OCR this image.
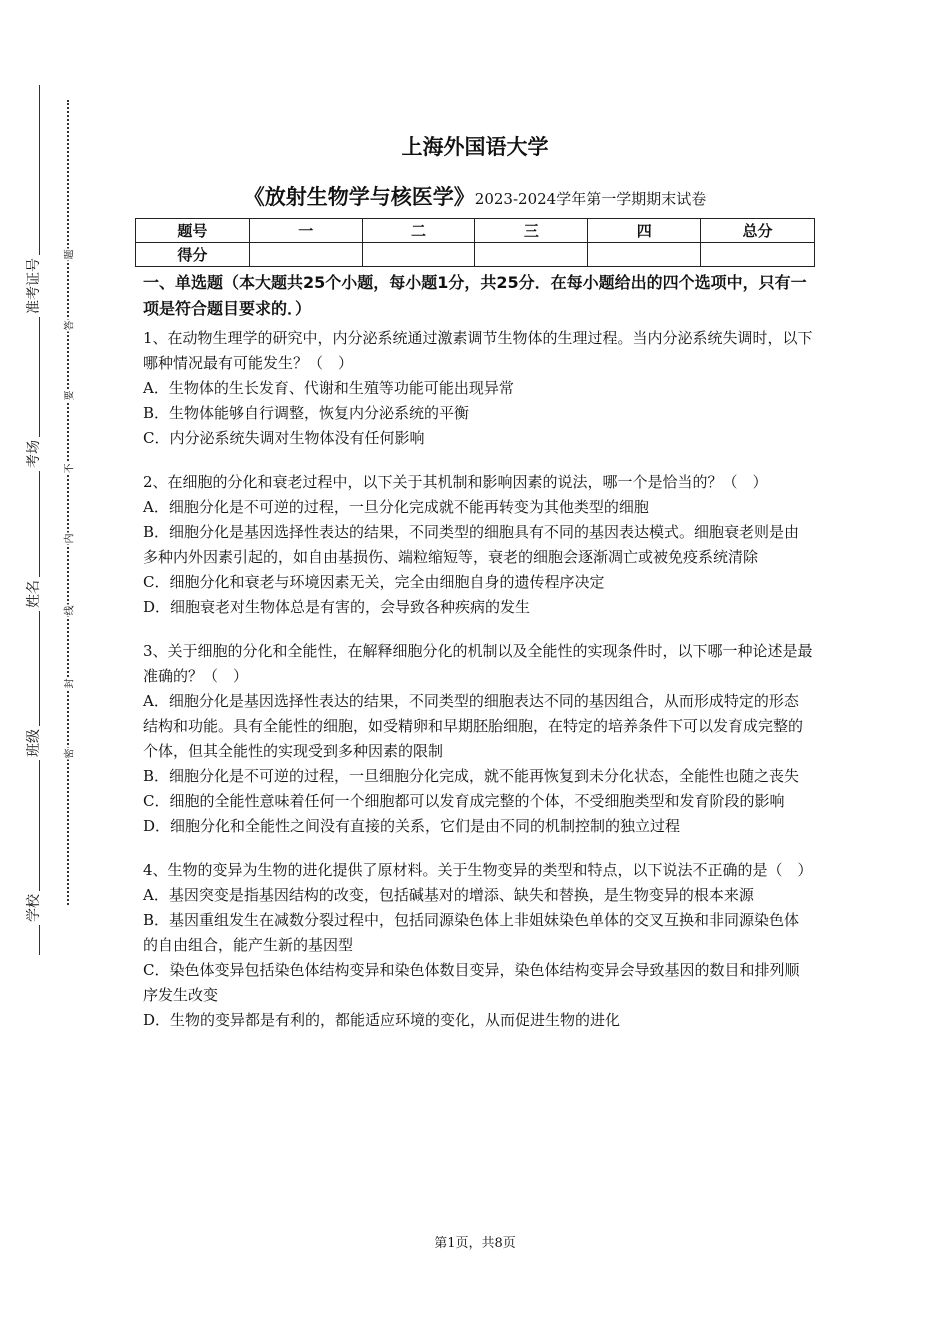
准考证号
考场
姓名
班级
学校
题
答
要
不
内
线
封
密
上海外国语大学
《放射生物学与核医学》2023-2024学年第一学期期末试卷
题号	一	二	三	四	总分
得分					

一、单选题（本大题共25个小题，每小题1分，共25分．在每小题给出的四个选项中，只有一项是符合题目要求的．）

1、在动物生理学的研究中，内分泌系统通过激素调节生物体的生理过程。当内分泌系统失调时，以下哪种情况最有可能发生？（　）

A．生物体的生长发育、代谢和生殖等功能可能出现异常

B．生物体能够自行调整，恢复内分泌系统的平衡

C．内分泌系统失调对生物体没有任何影响

2、在细胞的分化和衰老过程中，以下关于其机制和影响因素的说法，哪一个是恰当的？（　）

A．细胞分化是不可逆的过程，一旦分化完成就不能再转变为其他类型的细胞

B．细胞分化是基因选择性表达的结果，不同类型的细胞具有不同的基因表达模式。细胞衰老则是由多种内外因素引起的，如自由基损伤、端粒缩短等，衰老的细胞会逐渐凋亡或被免疫系统清除

C．细胞分化和衰老与环境因素无关，完全由细胞自身的遗传程序决定

D．细胞衰老对生物体总是有害的，会导致各种疾病的发生

3、关于细胞的分化和全能性，在解释细胞分化的机制以及全能性的实现条件时，以下哪一种论述是最准确的？（　）

A．细胞分化是基因选择性表达的结果，不同类型的细胞表达不同的基因组合，从而形成特定的形态结构和功能。具有全能性的细胞，如受精卵和早期胚胎细胞，在特定的培养条件下可以发育成完整的个体，但其全能性的实现受到多种因素的限制

B．细胞分化是不可逆的过程，一旦细胞分化完成，就不能再恢复到未分化状态，全能性也随之丧失

C．细胞的全能性意味着任何一个细胞都可以发育成完整的个体，不受细胞类型和发育阶段的影响

D．细胞分化和全能性之间没有直接的关系，它们是由不同的机制控制的独立过程

4、生物的变异为生物的进化提供了原材料。关于生物变异的类型和特点，以下说法不正确的是（　）

A．基因突变是指基因结构的改变，包括碱基对的增添、缺失和替换，是生物变异的根本来源

B．基因重组发生在减数分裂过程中，包括同源染色体上非姐妹染色单体的交叉互换和非同源染色体的自由组合，能产生新的基因型

C．染色体变异包括染色体结构变异和染色体数目变异，染色体结构变异会导致基因的数目和排列顺序发生改变

D．生物的变异都是有利的，都能适应环境的变化，从而促进生物的进化

第1页，共8页
